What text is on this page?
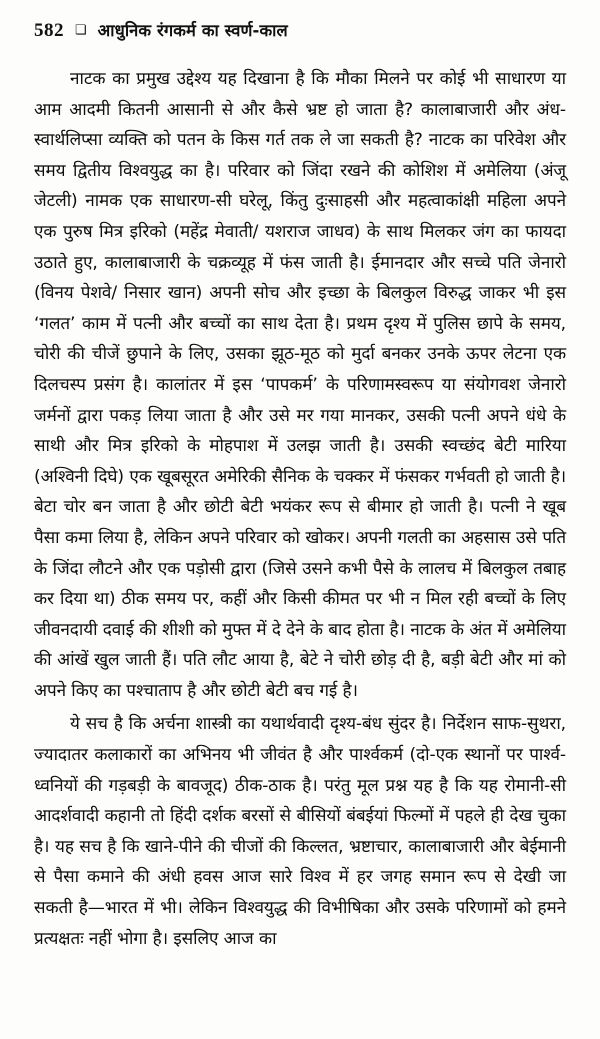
582 ❏ आधुनिक रंगकर्म का स्वर्ण-काल

नाटक का प्रमुख उद्देश्य यह दिखाना है कि मौका मिलने पर कोई भी साधारण या आम आदमी कितनी आसानी से और कैसे भ्रष्ट हो जाता है? कालाबाजारी और अंध-स्वार्थलिप्सा व्यक्ति को पतन के किस गर्त तक ले जा सकती है? नाटक का परिवेश और समय द्वितीय विश्वयुद्ध का है। परिवार को जिंदा रखने की कोशिश में अमेलिया (अंजू जेटली) नामक एक साधारण-सी घरेलू, किंतु दुःसाहसी और महत्वाकांक्षी महिला अपने एक पुरुष मित्र इरिको (महेंद्र मेवाती/ यशराज जाधव) के साथ मिलकर जंग का फायदा उठाते हुए, कालाबाजारी के चक्रव्यूह में फंस जाती है। ईमानदार और सच्चे पति जेनारो (विनय पेशवे/ निसार खान) अपनी सोच और इच्छा के बिलकुल विरुद्ध जाकर भी इस ‘गलत’ काम में पत्नी और बच्चों का साथ देता है। प्रथम दृश्य में पुलिस छापे के समय, चोरी की चीजें छुपाने के लिए, उसका झूठ-मूठ को मुर्दा बनकर उनके ऊपर लेटना एक दिलचस्प प्रसंग है। कालांतर में इस ‘पापकर्म’ के परिणामस्वरूप या संयोगवश जेनारो जर्मनों द्वारा पकड़ लिया जाता है और उसे मर गया मानकर, उसकी पत्नी अपने धंधे के साथी और मित्र इरिको के मोहपाश में उलझ जाती है। उसकी स्वच्छंद बेटी मारिया (अश्विनी दिघे) एक खूबसूरत अमेरिकी सैनिक के चक्कर में फंसकर गर्भवती हो जाती है। बेटा चोर बन जाता है और छोटी बेटी भयंकर रूप से बीमार हो जाती है। पत्नी ने खूब पैसा कमा लिया है, लेकिन अपने परिवार को खोकर। अपनी गलती का अहसास उसे पति के जिंदा लौटने और एक पड़ोसी द्वारा (जिसे उसने कभी पैसे के लालच में बिलकुल तबाह कर दिया था) ठीक समय पर, कहीं और किसी कीमत पर भी न मिल रही बच्चों के लिए जीवनदायी दवाई की शीशी को मुफ्त में दे देने के बाद होता है। नाटक के अंत में अमेलिया की आंखें खुल जाती हैं। पति लौट आया है, बेटे ने चोरी छोड़ दी है, बड़ी बेटी और मां को अपने किए का पश्चाताप है और छोटी बेटी बच गई है।

ये सच है कि अर्चना शास्त्री का यथार्थवादी दृश्य-बंध सुंदर है। निर्देशन साफ-सुथरा, ज्यादातर कलाकारों का अभिनय भी जीवंत है और पार्श्वकर्म (दो-एक स्थानों पर पार्श्व-ध्वनियों की गड़बड़ी के बावजूद) ठीक-ठाक है। परंतु मूल प्रश्न यह है कि यह रोमानी-सी आदर्शवादी कहानी तो हिंदी दर्शक बरसों से बीसियों बंबईयां फिल्मों में पहले ही देख चुका है। यह सच है कि खाने-पीने की चीजों की किल्लत, भ्रष्टाचार, कालाबाजारी और बेईमानी से पैसा कमाने की अंधी हवस आज सारे विश्व में हर जगह समान रूप से देखी जा सकती है—भारत में भी। लेकिन विश्वयुद्ध की विभीषिका और उसके परिणामों को हमने प्रत्यक्षतः नहीं भोगा है। इसलिए आज का
